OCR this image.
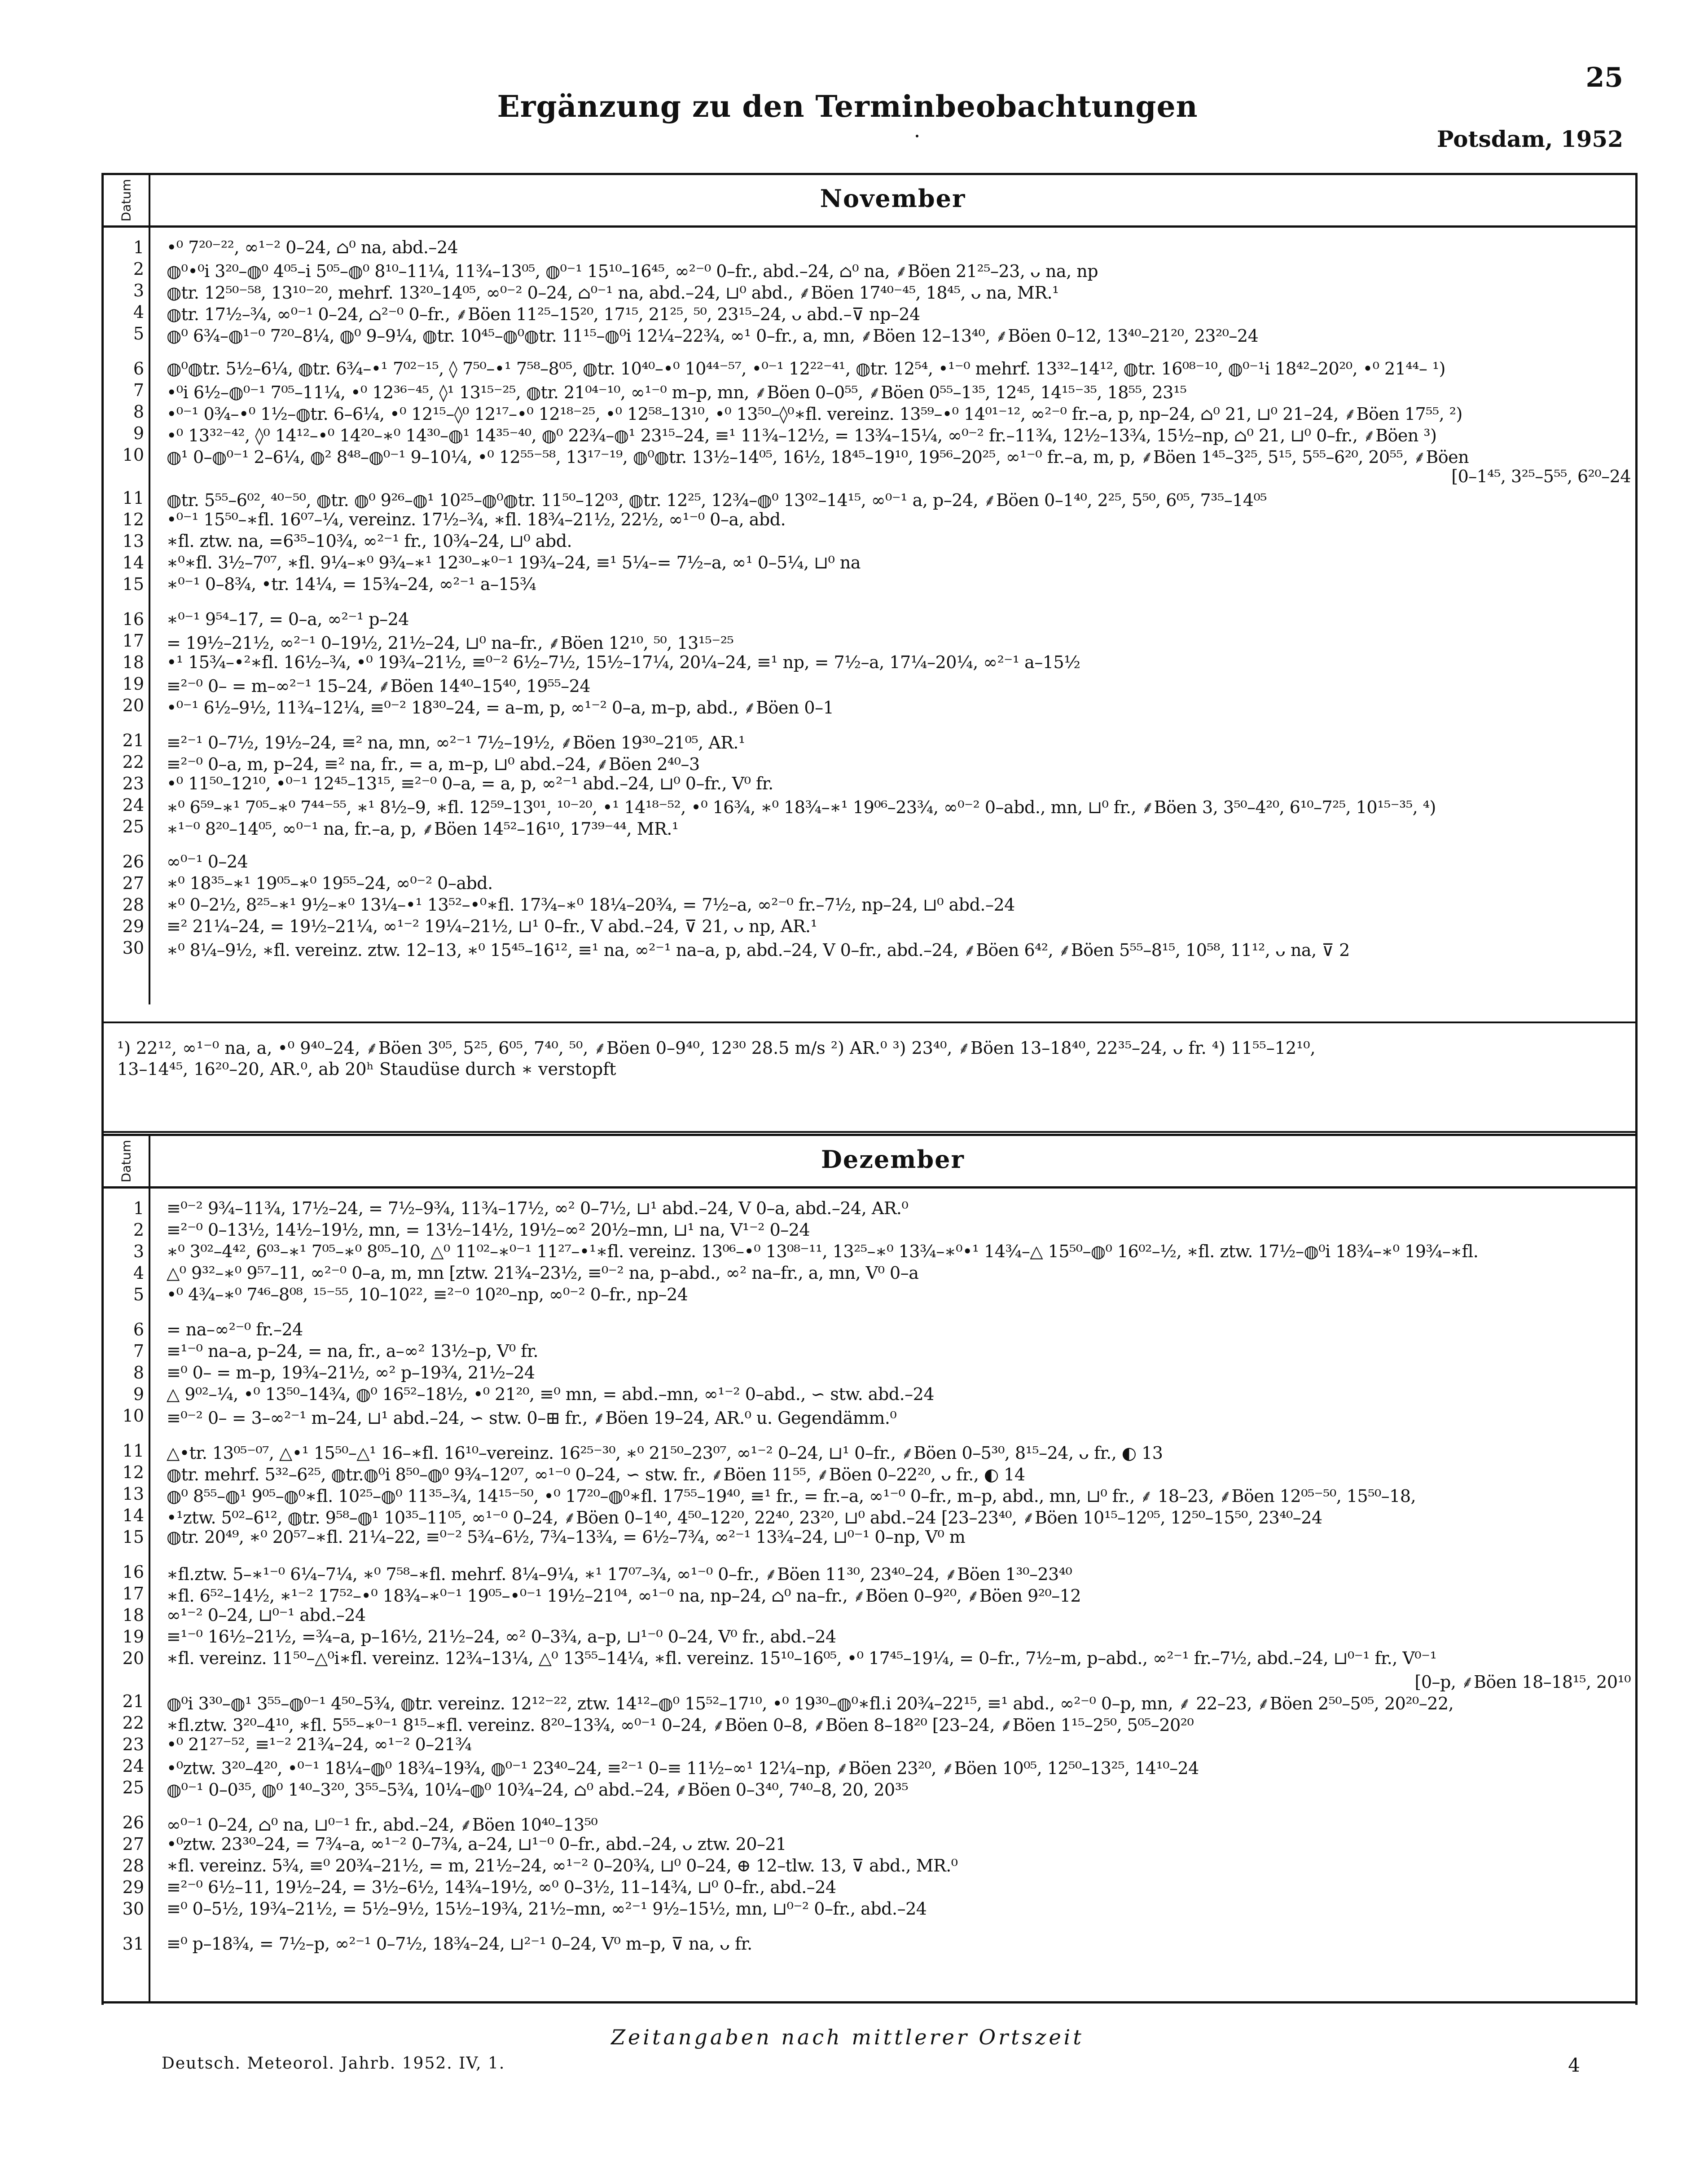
25
Ergänzung zu den Terminbeobachtungen
Potsdam, 1952
Datum	November
1 •⁰ 7²⁰⁻²², ∞¹⁻² 0–24, ⌂⁰ na, abd.–24
2 ◍⁰•⁰i 3²⁰–◍⁰ 4⁰⁵–i 5⁰⁵–◍⁰ 8¹⁰–11¼, 11¾–13⁰⁵, ◍⁰⁻¹ 15¹⁰–16⁴⁵, ∞²⁻⁰ 0–fr., abd.–24, ⌂⁰ na, ⸙Böen 21²⁵–23, ᴗ na, np
3 ◍tr. 12⁵⁰⁻⁵⁸, 13¹⁰⁻²⁰, mehrf. 13²⁰–14⁰⁵, ∞⁰⁻² 0–24, ⌂⁰⁻¹ na, abd.–24, ⊔⁰ abd., ⸙Böen 17⁴⁰⁻⁴⁵, 18⁴⁵, ᴗ na, MR.¹
4 ◍tr. 17½–¾, ∞⁰⁻¹ 0–24, ⌂²⁻⁰ 0–fr., ⸙Böen 11²⁵–15²⁰, 17¹⁵, 21²⁵, ⁵⁰, 23¹⁵–24, ᴗ abd.–⊽ np–24
5 ◍⁰ 6¾–◍¹⁻⁰ 7²⁰–8¼, ◍⁰ 9–9¼, ◍tr. 10⁴⁵–◍⁰◍tr. 11¹⁵–◍⁰i 12¼–22¾, ∞¹ 0–fr., a, mn, ⸙Böen 12–13⁴⁰, ⸙Böen 0–12, 13⁴⁰–21²⁰, 23²⁰–24
6 ◍⁰◍tr. 5½–6¼, ◍tr. 6¾–•¹ 7⁰²⁻¹⁵, ◊ 7⁵⁰–•¹ 7⁵⁸–8⁰⁵, ◍tr. 10⁴⁰–•⁰ 10⁴⁴⁻⁵⁷, •⁰⁻¹ 12²²⁻⁴¹, ◍tr. 12⁵⁴, •¹⁻⁰ mehrf. 13³²–14¹², ◍tr. 16⁰⁸⁻¹⁰, ◍⁰⁻¹i 18⁴²–20²⁰, •⁰ 21⁴⁴– ¹)
7 •⁰i 6½–◍⁰⁻¹ 7⁰⁵–11¼, •⁰ 12³⁶⁻⁴⁵, ◊¹ 13¹⁵⁻²⁵, ◍tr. 21⁰⁴⁻¹⁰, ∞¹⁻⁰ m–p, mn, ⸙Böen 0–0⁵⁵, ⸙Böen 0⁵⁵–1³⁵, 12⁴⁵, 14¹⁵⁻³⁵, 18⁵⁵, 23¹⁵
8 •⁰⁻¹ 0¾–•⁰ 1½–◍tr. 6–6¼, •⁰ 12¹⁵–◊⁰ 12¹⁷–•⁰ 12¹⁸⁻²⁵, •⁰ 12⁵⁸–13¹⁰, •⁰ 13⁵⁰–◊⁰∗fl. vereinz. 13⁵⁹–•⁰ 14⁰¹⁻¹², ∞²⁻⁰ fr.–a, p, np–24, ⌂⁰ 21, ⊔⁰ 21–24, ⸙Böen 17⁵⁵, ²)
9 •⁰ 13³²⁻⁴², ◊⁰ 14¹²–•⁰ 14²⁰–∗⁰ 14³⁰–◍¹ 14³⁵⁻⁴⁰, ◍⁰ 22¾–◍¹ 23¹⁵–24, ≡¹ 11¾–12½, = 13¾–15¼, ∞⁰⁻² fr.–11¾, 12½–13¾, 15½–np, ⌂⁰ 21, ⊔⁰ 0–fr., ⸙Böen ³)
10 ◍¹ 0–◍⁰⁻¹ 2–6¼, ◍² 8⁴⁸–◍⁰⁻¹ 9–10¼, •⁰ 12⁵⁵⁻⁵⁸, 13¹⁷⁻¹⁹, ◍⁰◍tr. 13½–14⁰⁵, 16½, 18⁴⁵–19¹⁰, 19⁵⁶–20²⁵, ∞¹⁻⁰ fr.–a, m, p, ⸙Böen 1⁴⁵–3²⁵, 5¹⁵, 5⁵⁵–6²⁰, 20⁵⁵, ⸙Böen
[0–1⁴⁵, 3²⁵–5⁵⁵, 6²⁰–24
11 ◍tr. 5⁵⁵–6⁰², ⁴⁰⁻⁵⁰, ◍tr. ◍⁰ 9²⁶–◍¹ 10²⁵–◍⁰◍tr. 11⁵⁰–12⁰³, ◍tr. 12²⁵, 12¾–◍⁰ 13⁰²–14¹⁵, ∞⁰⁻¹ a, p–24, ⸙Böen 0–1⁴⁰, 2²⁵, 5⁵⁰, 6⁰⁵, 7³⁵–14⁰⁵
12 •⁰⁻¹ 15⁵⁰–∗fl. 16⁰⁷–¼, vereinz. 17½–¾, ∗fl. 18¾–21½, 22½, ∞¹⁻⁰ 0–a, abd.
13 ∗fl. ztw. na, =6³⁵–10¾, ∞²⁻¹ fr., 10¾–24, ⊔⁰ abd.
14 ∗⁰∗fl. 3½–7⁰⁷, ∗fl. 9¼–∗⁰ 9¾–∗¹ 12³⁰–∗⁰⁻¹ 19¾–24, ≡¹ 5¼–= 7½–a, ∞¹ 0–5¼, ⊔⁰ na
15 ∗⁰⁻¹ 0–8¾, •tr. 14¼, = 15¾–24, ∞²⁻¹ a–15¾
16 ∗⁰⁻¹ 9⁵⁴–17, = 0–a, ∞²⁻¹ p–24
17 = 19½–21½, ∞²⁻¹ 0–19½, 21½–24, ⊔⁰ na–fr., ⸙Böen 12¹⁰, ⁵⁰, 13¹⁵⁻²⁵
18 •¹ 15¾–•²∗fl. 16½–¾, •⁰ 19¾–21½, ≡⁰⁻² 6½–7½, 15½–17¼, 20¼–24, ≡¹ np, = 7½–a, 17¼–20¼, ∞²⁻¹ a–15½
19 ≡²⁻⁰ 0– = m–∞²⁻¹ 15–24, ⸙Böen 14⁴⁰–15⁴⁰, 19⁵⁵–24
20 •⁰⁻¹ 6½–9½, 11¾–12¼, ≡⁰⁻² 18³⁰–24, = a–m, p, ∞¹⁻² 0–a, m–p, abd., ⸙Böen 0–1
21 ≡²⁻¹ 0–7½, 19½–24, ≡² na, mn, ∞²⁻¹ 7½–19½, ⸙Böen 19³⁰–21⁰⁵, AR.¹
22 ≡²⁻⁰ 0–a, m, p–24, ≡² na, fr., = a, m–p, ⊔⁰ abd.–24, ⸙Böen 2⁴⁰–3
23 •⁰ 11⁵⁰–12¹⁰, •⁰⁻¹ 12⁴⁵–13¹⁵, ≡²⁻⁰ 0–a, = a, p, ∞²⁻¹ abd.–24, ⊔⁰ 0–fr., V⁰ fr.
24 ∗⁰ 6⁵⁹–∗¹ 7⁰⁵–∗⁰ 7⁴⁴⁻⁵⁵, ∗¹ 8½–9, ∗fl. 12⁵⁹–13⁰¹, ¹⁰⁻²⁰, •¹ 14¹⁸⁻⁵², •⁰ 16¾, ∗⁰ 18¾–∗¹ 19⁰⁶–23¾, ∞⁰⁻² 0–abd., mn, ⊔⁰ fr., ⸙Böen 3, 3⁵⁰–4²⁰, 6¹⁰–7²⁵, 10¹⁵⁻³⁵, ⁴)
25 ∗¹⁻⁰ 8²⁰–14⁰⁵, ∞⁰⁻¹ na, fr.–a, p, ⸙Böen 14⁵²–16¹⁰, 17³⁹⁻⁴⁴, MR.¹
26 ∞⁰⁻¹ 0–24
27 ∗⁰ 18³⁵–∗¹ 19⁰⁵–∗⁰ 19⁵⁵–24, ∞⁰⁻² 0–abd.
28 ∗⁰ 0–2½, 8²⁵–∗¹ 9½–∗⁰ 13¼–•¹ 13⁵²–•⁰∗fl. 17¾–∗⁰ 18¼–20¾, = 7½–a, ∞²⁻⁰ fr.–7½, np–24, ⊔⁰ abd.–24
29 ≡² 21¼–24, = 19½–21¼, ∞¹⁻² 19¼–21½, ⊔¹ 0–fr., V abd.–24, ⊽ 21, ᴗ np, AR.¹
30 ∗⁰ 8¼–9½, ∗fl. vereinz. ztw. 12–13, ∗⁰ 15⁴⁵–16¹², ≡¹ na, ∞²⁻¹ na–a, p, abd.–24, V 0–fr., abd.–24, ⸙Böen 6⁴², ⸙Böen 5⁵⁵–8¹⁵, 10⁵⁸, 11¹², ᴗ na, ⊽ 2
¹) 22¹², ∞¹⁻⁰ na, a, •⁰ 9⁴⁰–24, ⸙Böen 3⁰⁵, 5²⁵, 6⁰⁵, 7⁴⁰, ⁵⁰, ⸙Böen 0–9⁴⁰, 12³⁰ 28.5 m/s ²) AR.⁰ ³) 23⁴⁰, ⸙Böen 13–18⁴⁰, 22³⁵–24, ᴗ fr. ⁴) 11⁵⁵–12¹⁰,
13–14⁴⁵, 16²⁰–20, AR.⁰, ab 20ʰ Staudüse durch ∗ verstopft
Datum	Dezember
1 ≡⁰⁻² 9¾–11¾, 17½–24, = 7½–9¾, 11¾–17½, ∞² 0–7½, ⊔¹ abd.–24, V 0–a, abd.–24, AR.⁰
2 ≡²⁻⁰ 0–13½, 14½–19½, mn, = 13½–14½, 19½–∞² 20½–mn, ⊔¹ na, V¹⁻² 0–24
3 ∗⁰ 3⁰²–4⁴², 6⁰³–∗¹ 7⁰⁵–∗⁰ 8⁰⁵–10, △⁰ 11⁰²–∗⁰⁻¹ 11²⁷–•¹∗fl. vereinz. 13⁰⁶–•⁰ 13⁰⁸⁻¹¹, 13²⁵–∗⁰ 13¾–∗⁰•¹ 14¾–△ 15⁵⁰–◍⁰ 16⁰²–½, ∗fl. ztw. 17½–◍⁰i 18¾–∗⁰ 19¾–∗fl.
4 △⁰ 9³²–∗⁰ 9⁵⁷–11, ∞²⁻⁰ 0–a, m, mn [ztw. 21¾–23½, ≡⁰⁻² na, p–abd., ∞² na–fr., a, mn, V⁰ 0–a
5 •⁰ 4¾–∗⁰ 7⁴⁶–8⁰⁸, ¹⁵⁻⁵⁵, 10–10²², ≡²⁻⁰ 10²⁰–np, ∞⁰⁻² 0–fr., np–24
6 = na–∞²⁻⁰ fr.–24
7 ≡¹⁻⁰ na–a, p–24, = na, fr., a–∞² 13½–p, V⁰ fr.
8 ≡⁰ 0– = m–p, 19¾–21½, ∞² p–19¾, 21½–24
9 △ 9⁰²–¼, •⁰ 13⁵⁰–14¾, ◍⁰ 16⁵²–18½, •⁰ 21²⁰, ≡⁰ mn, = abd.–mn, ∞¹⁻² 0–abd., ∽ stw. abd.–24
10 ≡⁰⁻² 0– = 3–∞²⁻¹ m–24, ⊔¹ abd.–24, ∽ stw. 0–⊞ fr., ⸙Böen 19–24, AR.⁰ u. Gegendämm.⁰
11 △•tr. 13⁰⁵⁻⁰⁷, △•¹ 15⁵⁰–△¹ 16–∗fl. 16¹⁰–vereinz. 16²⁵⁻³⁰, ∗⁰ 21⁵⁰–23⁰⁷, ∞¹⁻² 0–24, ⊔¹ 0–fr., ⸙Böen 0–5³⁰, 8¹⁵–24, ᴗ fr., ◐ 13
12 ◍tr. mehrf. 5³²–6²⁵, ◍tr.◍⁰i 8⁵⁰–◍⁰ 9¾–12⁰⁷, ∞¹⁻⁰ 0–24, ∽ stw. fr., ⸙Böen 11⁵⁵, ⸙Böen 0–22²⁰, ᴗ fr., ◐ 14
13 ◍⁰ 8⁵⁵–◍¹ 9⁰⁵–◍⁰∗fl. 10²⁵–◍⁰ 11³⁵–¾, 14¹⁵⁻⁵⁰, •⁰ 17²⁰–◍⁰∗fl. 17⁵⁵–19⁴⁰, ≡¹ fr., = fr.–a, ∞¹⁻⁰ 0–fr., m–p, abd., mn, ⊔⁰ fr., ⸙ 18–23, ⸙Böen 12⁰⁵⁻⁵⁰, 15⁵⁰–18,
14 •¹ztw. 5⁰²–6¹², ◍tr. 9⁵⁸–◍¹ 10³⁵–11⁰⁵, ∞¹⁻⁰ 0–24, ⸙Böen 0–1⁴⁰, 4⁵⁰–12²⁰, 22⁴⁰, 23²⁰, ⊔⁰ abd.–24 [23–23⁴⁰, ⸙Böen 10¹⁵–12⁰⁵, 12⁵⁰–15⁵⁰, 23⁴⁰–24
15 ◍tr. 20⁴⁹, ∗⁰ 20⁵⁷–∗fl. 21¼–22, ≡⁰⁻² 5¾–6½, 7¾–13¾, = 6½–7¾, ∞²⁻¹ 13¾–24, ⊔⁰⁻¹ 0–np, V⁰ m
16 ∗fl.ztw. 5–∗¹⁻⁰ 6¼–7¼, ∗⁰ 7⁵⁸–∗fl. mehrf. 8¼–9¼, ∗¹ 17⁰⁷–¾, ∞¹⁻⁰ 0–fr., ⸙Böen 11³⁰, 23⁴⁰–24, ⸙Böen 1³⁰–23⁴⁰
17 ∗fl. 6⁵²–14½, ∗¹⁻² 17⁵²–•⁰ 18¾–∗⁰⁻¹ 19⁰⁵–•⁰⁻¹ 19½–21⁰⁴, ∞¹⁻⁰ na, np–24, ⌂⁰ na–fr., ⸙Böen 0–9²⁰, ⸙Böen 9²⁰–12
18 ∞¹⁻² 0–24, ⊔⁰⁻¹ abd.–24
19 ≡¹⁻⁰ 16½–21½, =¾–a, p–16½, 21½–24, ∞² 0–3¾, a–p, ⊔¹⁻⁰ 0–24, V⁰ fr., abd.–24
20 ∗fl. vereinz. 11⁵⁰–△⁰i∗fl. vereinz. 12¾–13¼, △⁰ 13⁵⁵–14¼, ∗fl. vereinz. 15¹⁰–16⁰⁵, •⁰ 17⁴⁵–19¼, = 0–fr., 7½–m, p–abd., ∞²⁻¹ fr.–7½, abd.–24, ⊔⁰⁻¹ fr., V⁰⁻¹
[0–p, ⸙Böen 18–18¹⁵, 20¹⁰
21 ◍⁰i 3³⁰–◍¹ 3⁵⁵–◍⁰⁻¹ 4⁵⁰–5¾, ◍tr. vereinz. 12¹²⁻²², ztw. 14¹²–◍⁰ 15⁵²–17¹⁰, •⁰ 19³⁰–◍⁰∗fl.i 20¾–22¹⁵, ≡¹ abd., ∞²⁻⁰ 0–p, mn, ⸙ 22–23, ⸙Böen 2⁵⁰–5⁰⁵, 20²⁰–22,
22 ∗fl.ztw. 3²⁰–4¹⁰, ∗fl. 5⁵⁵–∗⁰⁻¹ 8¹⁵–∗fl. vereinz. 8²⁰–13¾, ∞⁰⁻¹ 0–24, ⸙Böen 0–8, ⸙Böen 8–18²⁰ [23–24, ⸙Böen 1¹⁵–2⁵⁰, 5⁰⁵–20²⁰
23 •⁰ 21²⁷⁻⁵², ≡¹⁻² 21¾–24, ∞¹⁻² 0–21¾
24 •⁰ztw. 3²⁰–4²⁰, •⁰⁻¹ 18¼–◍⁰ 18¾–19¾, ◍⁰⁻¹ 23⁴⁰–24, ≡²⁻¹ 0–≡ 11½–∞¹ 12¼–np, ⸙Böen 23²⁰, ⸙Böen 10⁰⁵, 12⁵⁰–13²⁵, 14¹⁰–24
25 ◍⁰⁻¹ 0–0³⁵, ◍⁰ 1⁴⁰–3²⁰, 3⁵⁵–5¾, 10¼–◍⁰ 10¾–24, ⌂⁰ abd.–24, ⸙Böen 0–3⁴⁰, 7⁴⁰–8, 20, 20³⁵
26 ∞⁰⁻¹ 0–24, ⌂⁰ na, ⊔⁰⁻¹ fr., abd.–24, ⸙Böen 10⁴⁰–13⁵⁰
27 •⁰ztw. 23³⁰–24, = 7¾–a, ∞¹⁻² 0–7¾, a–24, ⊔¹⁻⁰ 0–fr., abd.–24, ᴗ ztw. 20–21
28 ∗fl. vereinz. 5¾, ≡⁰ 20¾–21½, = m, 21½–24, ∞¹⁻² 0–20¾, ⊔⁰ 0–24, ⊕ 12–tlw. 13, ⊽ abd., MR.⁰
29 ≡²⁻⁰ 6½–11, 19½–24, = 3½–6½, 14¾–19½, ∞⁰ 0–3½, 11–14¾, ⊔⁰ 0–fr., abd.–24
30 ≡⁰ 0–5½, 19¾–21½, = 5½–9½, 15½–19¾, 21½–mn, ∞²⁻¹ 9½–15½, mn, ⊔⁰⁻² 0–fr., abd.–24
31 ≡⁰ p–18¾, = 7½–p, ∞²⁻¹ 0–7½, 18¾–24, ⊔²⁻¹ 0–24, V⁰ m–p, ⊽ na, ᴗ fr.
Zeitangaben nach mittlerer Ortszeit
Deutsch. Meteorol. Jahrb. 1952. IV, 1.	4
